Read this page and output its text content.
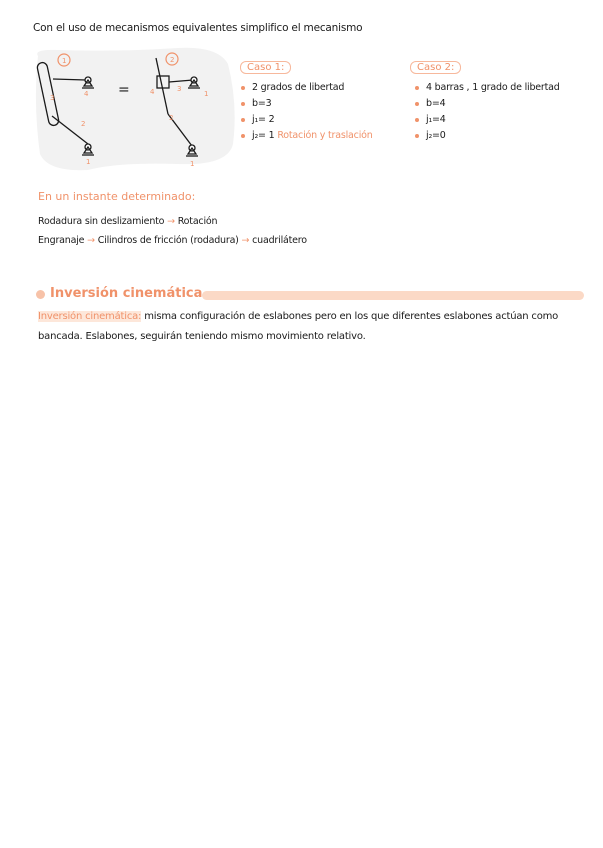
Con el uso de mecanismos equivalentes simplifico el mecanismo
1
3	4
2
1
=
2
4	3
1
2
1
Caso 1:
2 grados de libertad
b=3
j₁= 2
j₂= 1 Rotación y traslación
Caso 2:
4 barras , 1 grado de libertad
b=4
j₁=4
j₂=0
En un instante determinado:
Rodadura sin deslizamiento → Rotación
Engranaje → Cilindros de fricción (rodadura) → cuadrilátero
Inversión cinemática
Inversión cinemática: misma configuración de eslabones pero en los que diferentes eslabones actúan como bancada. Eslabones, seguirán teniendo mismo movimiento relativo.
